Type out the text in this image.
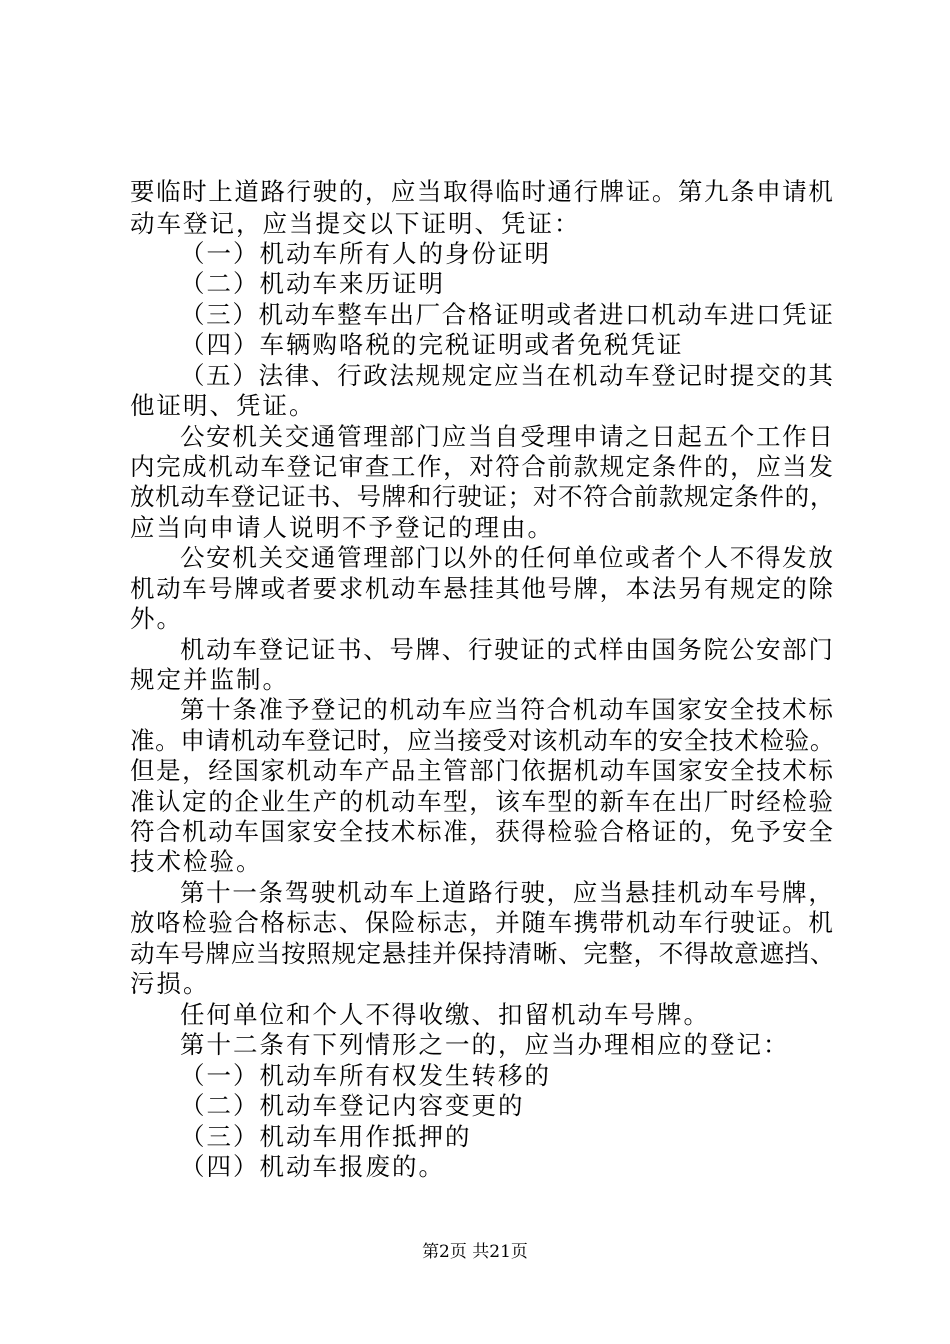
要临时上道路行驶的，应当取得临时通行牌证。第九条申请机
动车登记，应当提交以下证明、凭证：
（一）机动车所有人的身份证明
（二）机动车来历证明
（三）机动车整车出厂合格证明或者进口机动车进口凭证
（四）车辆购咯税的完税证明或者免税凭证
（五）法律、行政法规规定应当在机动车登记时提交的其
他证明、凭证。
公安机关交通管理部门应当自受理申请之日起五个工作日
内完成机动车登记审查工作，对符合前款规定条件的，应当发
放机动车登记证书、号牌和行驶证；对不符合前款规定条件的，
应当向申请人说明不予登记的理由。
公安机关交通管理部门以外的任何单位或者个人不得发放
机动车号牌或者要求机动车悬挂其他号牌，本法另有规定的除
外。
机动车登记证书、号牌、行驶证的式样由国务院公安部门
规定并监制。
第十条准予登记的机动车应当符合机动车国家安全技术标
准。申请机动车登记时，应当接受对该机动车的安全技术检验。
但是，经国家机动车产品主管部门依据机动车国家安全技术标
准认定的企业生产的机动车型，该车型的新车在出厂时经检验
符合机动车国家安全技术标准，获得检验合格证的，免予安全
技术检验。
第十一条驾驶机动车上道路行驶，应当悬挂机动车号牌，
放咯检验合格标志、保险标志，并随车携带机动车行驶证。机
动车号牌应当按照规定悬挂并保持清晰、完整，不得故意遮挡、
污损。
任何单位和个人不得收缴、扣留机动车号牌。
第十二条有下列情形之一的，应当办理相应的登记：
（一）机动车所有权发生转移的
（二）机动车登记内容变更的
（三）机动车用作抵押的
（四）机动车报废的。
第2页 共21页
